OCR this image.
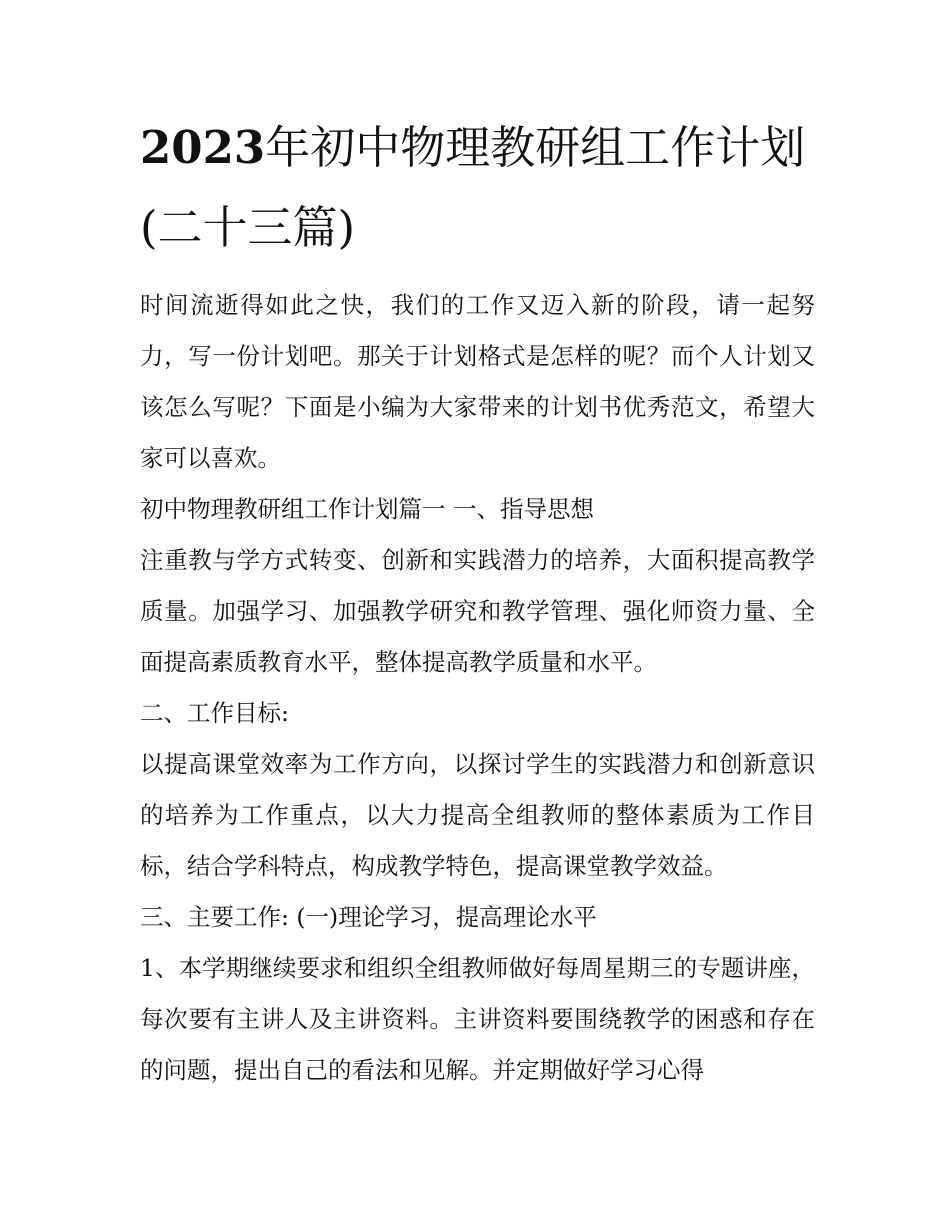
2023年初中物理教研组工作计划(二十三篇)

时间流逝得如此之快，我们的工作又迈入新的阶段，请一起努力，写一份计划吧。那关于计划格式是怎样的呢？而个人计划又该怎么写呢？下面是小编为大家带来的计划书优秀范文，希望大家可以喜欢。

初中物理教研组工作计划篇一 一、指导思想

注重教与学方式转变、创新和实践潜力的培养，大面积提高教学质量。加强学习、加强教学研究和教学管理、强化师资力量、全面提高素质教育水平，整体提高教学质量和水平。

二、工作目标:

以提高课堂效率为工作方向，以探讨学生的实践潜力和创新意识的培养为工作重点，以大力提高全组教师的整体素质为工作目标，结合学科特点，构成教学特色，提高课堂教学效益。

三、主要工作: (一)理论学习，提高理论水平

1、本学期继续要求和组织全组教师做好每周星期三的专题讲座，每次要有主讲人及主讲资料。主讲资料要围绕教学的困惑和存在的问题，提出自己的看法和见解。并定期做好学习心得
